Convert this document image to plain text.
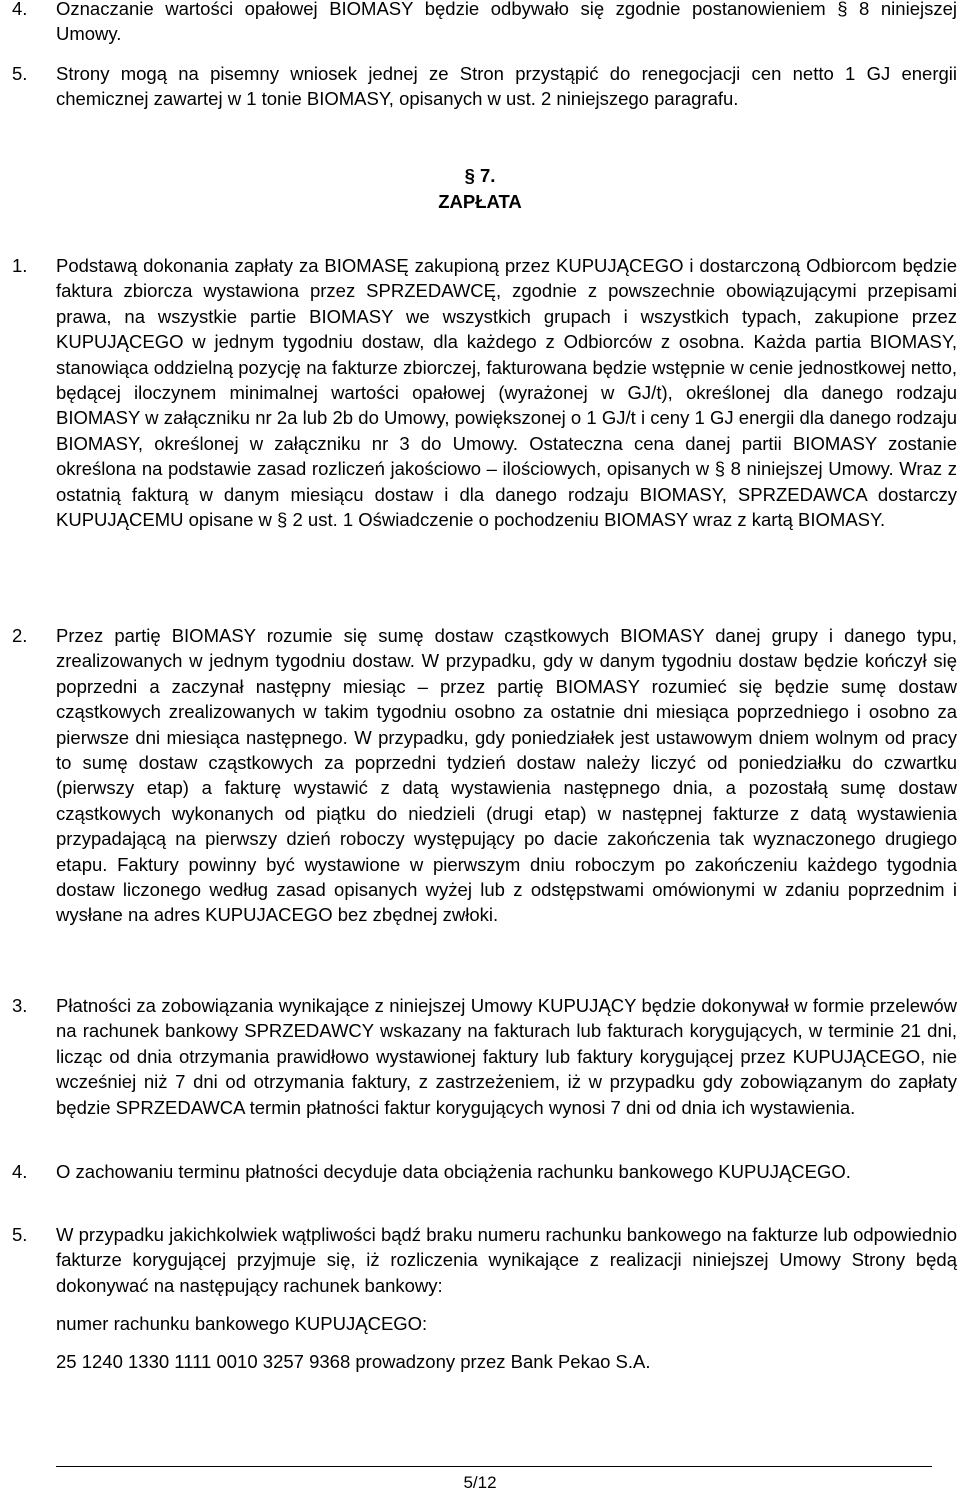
4. Oznaczanie wartości opałowej BIOMASY będzie odbywało się zgodnie postanowieniem § 8 niniejszej Umowy.
5. Strony mogą na pisemny wniosek jednej ze Stron przystąpić do renegocjacji cen netto 1 GJ energii chemicznej zawartej w 1 tonie BIOMASY, opisanych w ust. 2 niniejszego paragrafu.
§ 7.
ZAPŁATA
1. Podstawą dokonania zapłaty za BIOMASĘ zakupioną przez KUPUJĄCEGO i dostarczoną Odbiorcom będzie faktura zbiorcza wystawiona przez SPRZEDAWCĘ, zgodnie z powszechnie obowiązującymi przepisami prawa, na wszystkie partie BIOMASY we wszystkich grupach i wszystkich typach, zakupione przez KUPUJĄCEGO w jednym tygodniu dostaw, dla każdego z Odbiorców z osobna. Każda partia BIOMASY, stanowiąca oddzielną pozycję na fakturze zbiorczej, fakturowana będzie wstępnie w cenie jednostkowej netto, będącej iloczynem minimalnej wartości opałowej (wyrażonej w GJ/t), określonej dla danego rodzaju BIOMASY w załączniku nr 2a lub 2b do Umowy, powiększonej o 1 GJ/t i ceny 1 GJ energii dla danego rodzaju BIOMASY, określonej w załączniku nr 3 do Umowy. Ostateczna cena danej partii BIOMASY zostanie określona na podstawie zasad rozliczeń jakościowo – ilościowych, opisanych w § 8 niniejszej Umowy. Wraz z ostatnią fakturą w danym miesiącu dostaw i dla danego rodzaju BIOMASY, SPRZEDAWCA dostarczy KUPUJĄCEMU opisane w § 2 ust. 1 Oświadczenie o pochodzeniu BIOMASY wraz z kartą BIOMASY.
2. Przez partię BIOMASY rozumie się sumę dostaw cząstkowych BIOMASY danej grupy i danego typu, zrealizowanych w jednym tygodniu dostaw. W przypadku, gdy w danym tygodniu dostaw będzie kończył się poprzedni a zaczynał następny miesiąc – przez partię BIOMASY rozumieć się będzie sumę dostaw cząstkowych zrealizowanych w takim tygodniu osobno za ostatnie dni miesiąca poprzedniego i osobno za pierwsze dni miesiąca następnego. W przypadku, gdy poniedziałek jest ustawowym dniem wolnym od pracy to sumę dostaw cząstkowych za poprzedni tydzień dostaw należy liczyć od poniedziałku do czwartku (pierwszy etap) a fakturę wystawić z datą wystawienia następnego dnia, a pozostałą sumę dostaw cząstkowych wykonanych od piątku do niedzieli (drugi etap) w następnej fakturze z datą wystawienia przypadającą na pierwszy dzień roboczy występujący po dacie zakończenia tak wyznaczonego drugiego etapu. Faktury powinny być wystawione w pierwszym dniu roboczym po zakończeniu każdego tygodnia dostaw liczonego według zasad opisanych wyżej lub z odstępstwami omówionymi w zdaniu poprzednim i wysłane na adres KUPUJACEGO bez zbędnej zwłoki.
3. Płatności za zobowiązania wynikające z niniejszej Umowy KUPUJĄCY będzie dokonywał w formie przelewów na rachunek bankowy SPRZEDAWCY wskazany na fakturach lub fakturach korygujących, w terminie 21 dni, licząc od dnia otrzymania prawidłowo wystawionej faktury lub faktury korygującej przez KUPUJĄCEGO, nie wcześniej niż 7 dni od otrzymania faktury, z zastrzeżeniem, iż w przypadku gdy zobowiązanym do zapłaty będzie SPRZEDAWCA termin płatności faktur korygujących wynosi 7 dni od dnia ich wystawienia.
4. O zachowaniu terminu płatności decyduje data obciążenia rachunku bankowego KUPUJĄCEGO.
5. W przypadku jakichkolwiek wątpliwości bądź braku numeru rachunku bankowego na fakturze lub odpowiednio fakturze korygującej przyjmuje się, iż rozliczenia wynikające z realizacji niniejszej Umowy Strony będą dokonywać na następujący rachunek bankowy:
numer rachunku bankowego KUPUJĄCEGO:
25 1240 1330 1111 0010 3257 9368 prowadzony przez Bank Pekao S.A.
5/12
